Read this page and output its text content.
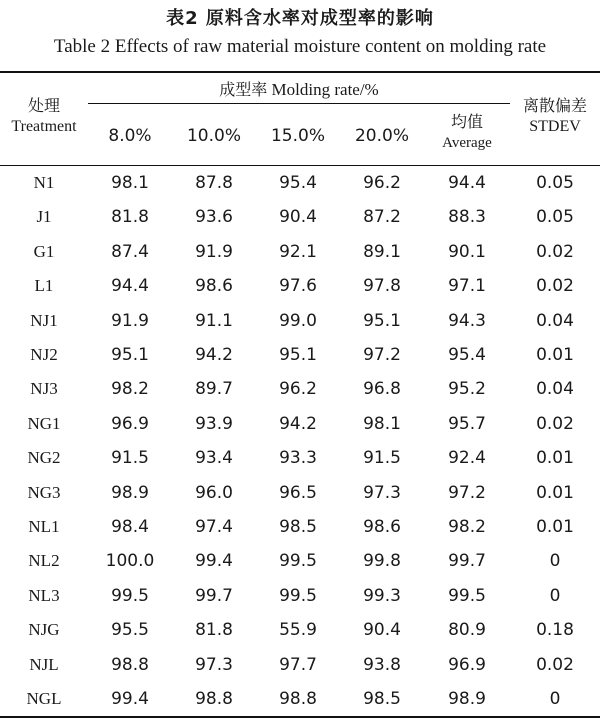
表2 原料含水率对成型率的影响
Table 2 Effects of raw material moisture content on molding rate
处理
Treatment
成型率 Molding rate/%
离散偏差
STDEV
8.0%	10.0%	15.0%	20.0%
均值
Average
N1	98.1	87.8	95.4	96.2	94.4	0.05
J1	81.8	93.6	90.4	87.2	88.3	0.05
G1	87.4	91.9	92.1	89.1	90.1	0.02
L1	94.4	98.6	97.6	97.8	97.1	0.02
NJ1	91.9	91.1	99.0	95.1	94.3	0.04
NJ2	95.1	94.2	95.1	97.2	95.4	0.01
NJ3	98.2	89.7	96.2	96.8	95.2	0.04
NG1	96.9	93.9	94.2	98.1	95.7	0.02
NG2	91.5	93.4	93.3	91.5	92.4	0.01
NG3	98.9	96.0	96.5	97.3	97.2	0.01
NL1	98.4	97.4	98.5	98.6	98.2	0.01
NL2	100.0	99.4	99.5	99.8	99.7	0
NL3	99.5	99.7	99.5	99.3	99.5	0
NJG	95.5	81.8	55.9	90.4	80.9	0.18
NJL	98.8	97.3	97.7	93.8	96.9	0.02
NGL	99.4	98.8	98.8	98.5	98.9	0
